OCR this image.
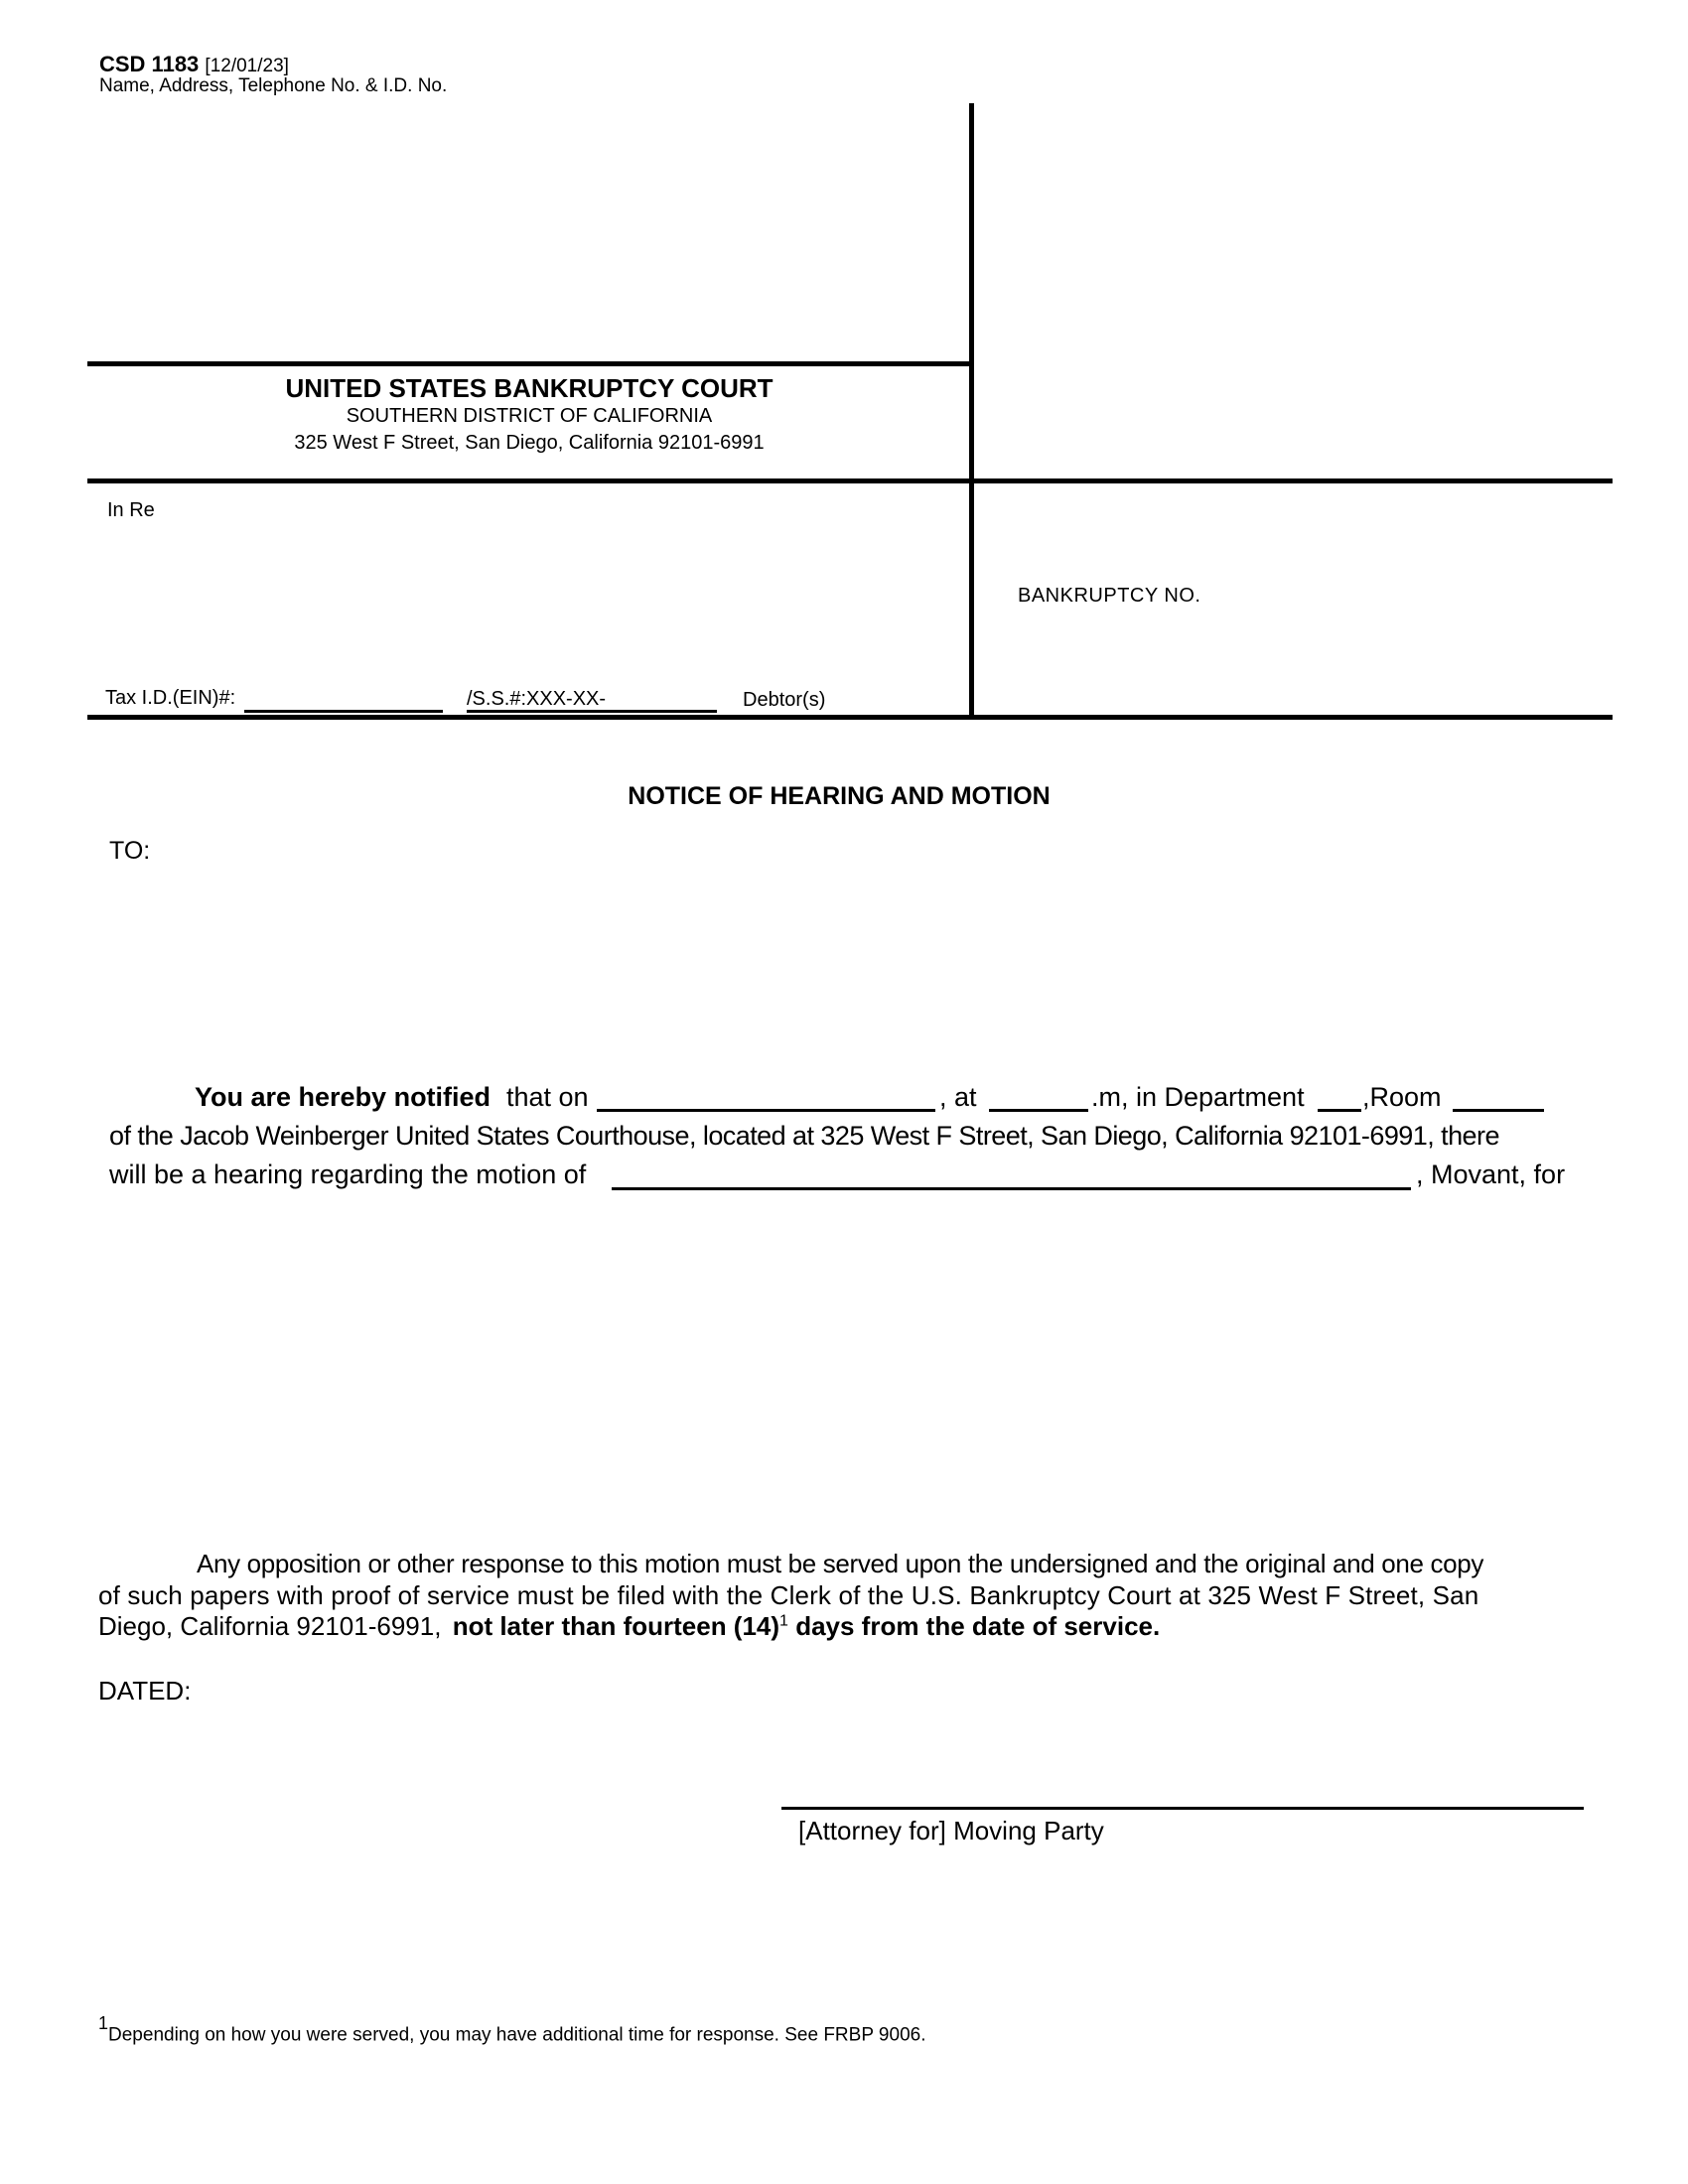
CSD 1183 [12/01/23]
Name, Address, Telephone No. & I.D. No.
UNITED STATES BANKRUPTCY COURT
SOUTHERN DISTRICT OF CALIFORNIA
325 West F Street, San Diego, California 92101-6991
In Re
Tax I.D.(EIN)#:	/S.S.#:XXX-XX-	Debtor(s)
BANKRUPTCY NO.
NOTICE OF HEARING AND MOTION
TO:
You are hereby notified that on	, at	.m, in Department ,Room
of the Jacob Weinberger United States Courthouse, located at 325 West F Street, San Diego, California 92101-6991, there
will be a hearing regarding the motion of	, Movant, for
Any opposition or other response to this motion must be served upon the undersigned and the original and one copy
of such papers with proof of service must be filed with the Clerk of the U.S. Bankruptcy Court at 325 West F Street, San
Diego, California 92101-6991, not later than fourteen $(14)^1$ days from the date of service.
DATED:
[Attorney for] Moving Party
$^1$Depending on how you were served, you may have additional time for response. See FRBP 9006.
